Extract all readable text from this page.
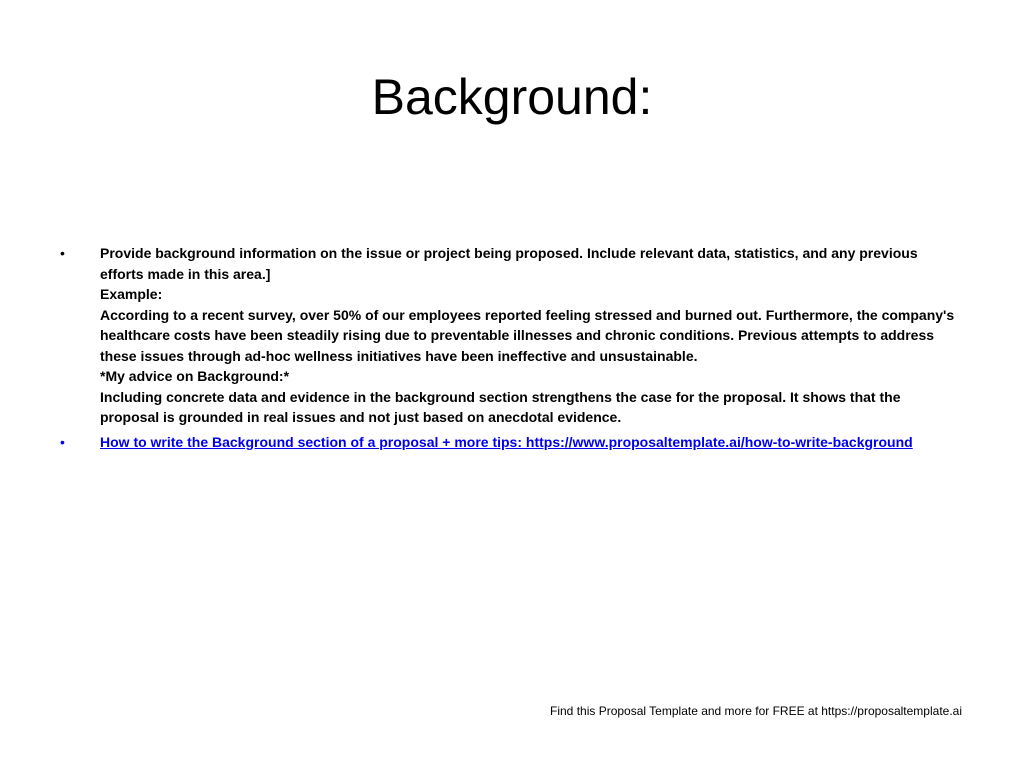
Background:
•	Provide background information on the issue or project being proposed. Include relevant data, statistics, and any previous efforts made in this area.]
Example:
According to a recent survey, over 50% of our employees reported feeling stressed and burned out. Furthermore, the company's healthcare costs have been steadily rising due to preventable illnesses and chronic conditions. Previous attempts to address these issues through ad-hoc wellness initiatives have been ineffective and unsustainable.
*My advice on Background:*
Including concrete data and evidence in the background section strengthens the case for the proposal. It shows that the proposal is grounded in real issues and not just based on anecdotal evidence.
•	How to write the Background section of a proposal + more tips: https://www.proposaltemplate.ai/how-to-write-background
Find this Proposal Template and more for FREE at https://proposaltemplate.ai
